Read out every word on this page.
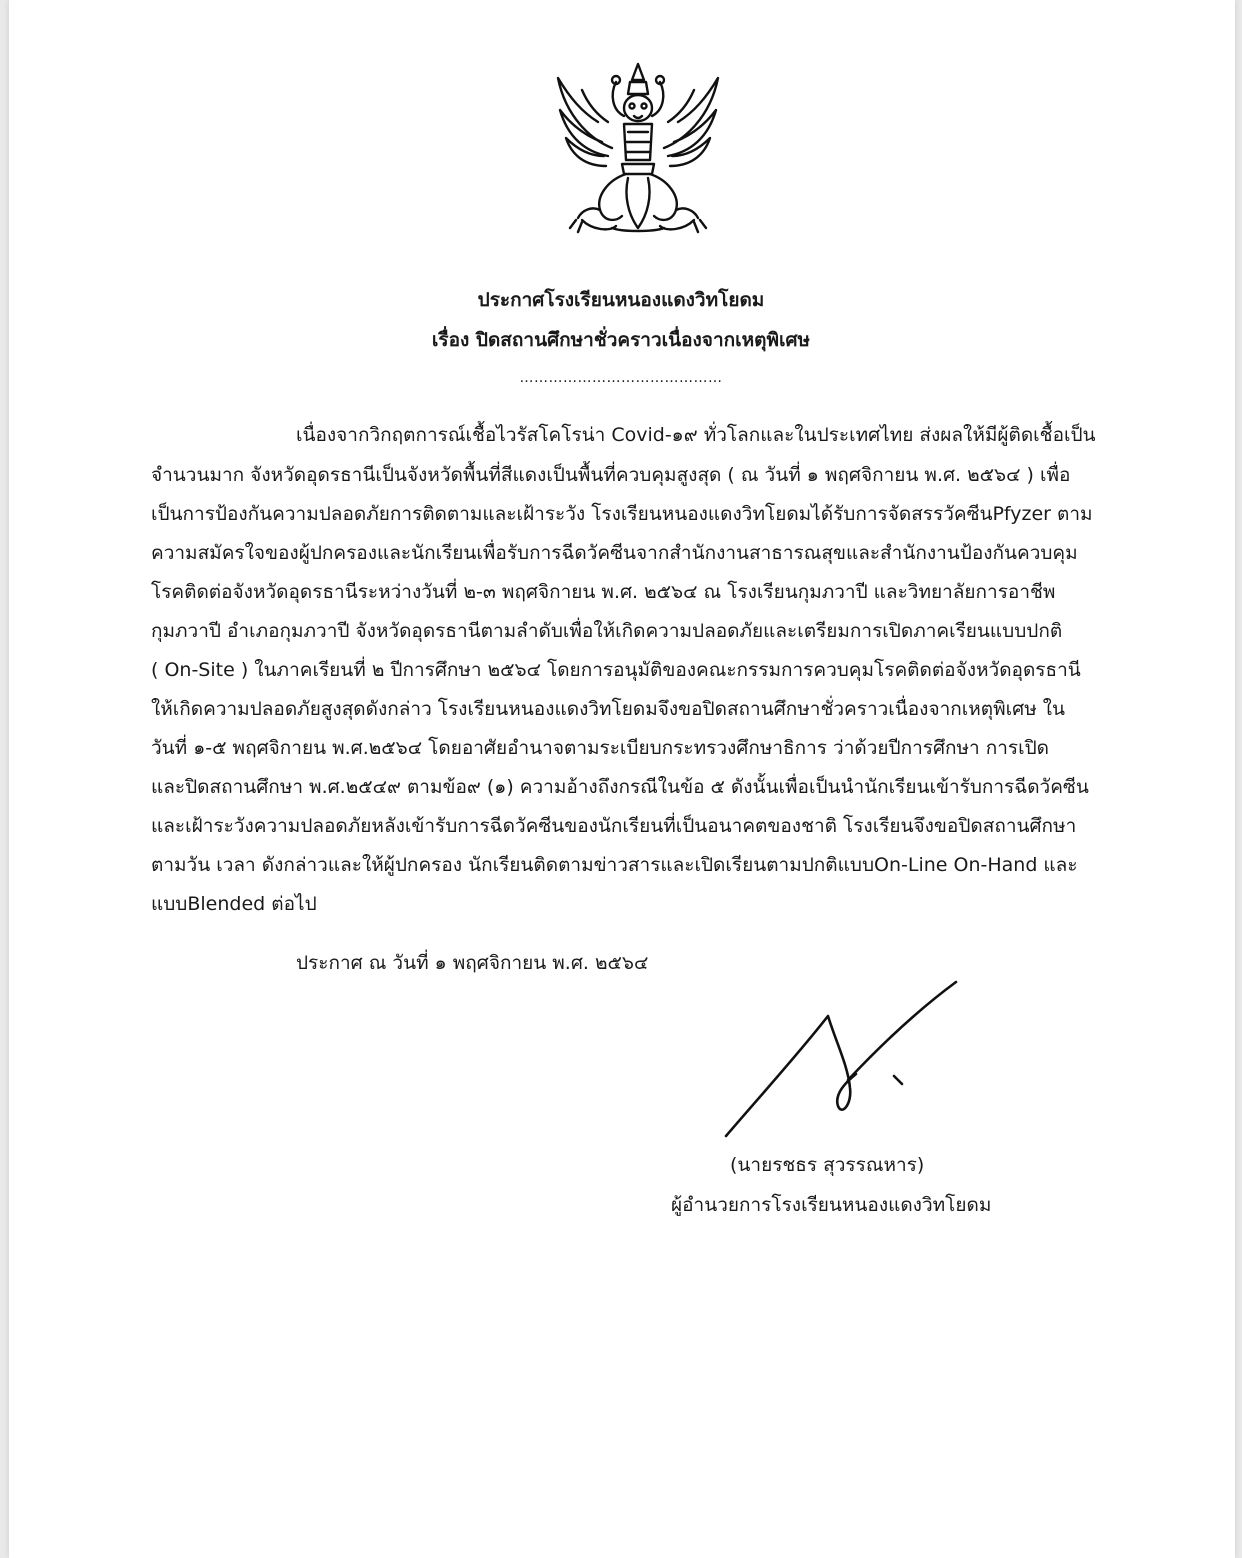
ประกาศโรงเรียนหนองแดงวิทโยดม
เรื่อง ปิดสถานศึกษาชั่วคราวเนื่องจากเหตุพิเศษ
……………………………………
เนื่องจากวิกฤตการณ์เชื้อไวรัสโคโรน่า Covid-๑๙ ทั่วโลกและในประเทศไทย ส่งผลให้มีผู้ติดเชื้อเป็น
จำนวนมาก จังหวัดอุดรธานีเป็นจังหวัดพื้นที่สีแดงเป็นพื้นที่ควบคุมสูงสุด ( ณ วันที่ ๑ พฤศจิกายน พ.ศ. ๒๕๖๔ ) เพื่อ
เป็นการป้องกันความปลอดภัยการติดตามและเฝ้าระวัง โรงเรียนหนองแดงวิทโยดมได้รับการจัดสรรวัคซีนPfyzer ตาม
ความสมัครใจของผู้ปกครองและนักเรียนเพื่อรับการฉีดวัคซีนจากสำนักงานสาธารณสุขและสำนักงานป้องกันควบคุม
โรคติดต่อจังหวัดอุดรธานีระหว่างวันที่ ๒-๓ พฤศจิกายน พ.ศ. ๒๕๖๔ ณ โรงเรียนกุมภวาปี และวิทยาลัยการอาชีพ
กุมภวาปี อำเภอกุมภวาปี จังหวัดอุดรธานีตามลำดับเพื่อให้เกิดความปลอดภัยและเตรียมการเปิดภาคเรียนแบบปกติ
( On-Site ) ในภาคเรียนที่ ๒ ปีการศึกษา ๒๕๖๔ โดยการอนุมัติของคณะกรรมการควบคุมโรคติดต่อจังหวัดอุดรธานี
ให้เกิดความปลอดภัยสูงสุดดังกล่าว โรงเรียนหนองแดงวิทโยดมจึงขอปิดสถานศึกษาชั่วคราวเนื่องจากเหตุพิเศษ ใน
วันที่ ๑-๕ พฤศจิกายน พ.ศ.๒๕๖๔ โดยอาศัยอำนาจตามระเบียบกระทรวงศึกษาธิการ ว่าด้วยปีการศึกษา การเปิด
และปิดสถานศึกษา พ.ศ.๒๕๔๙ ตามข้อ๙ (๑) ความอ้างถึงกรณีในข้อ ๕ ดังนั้นเพื่อเป็นนำนักเรียนเข้ารับการฉีดวัคซีน
และเฝ้าระวังความปลอดภัยหลังเข้ารับการฉีดวัคซีนของนักเรียนที่เป็นอนาคตของชาติ โรงเรียนจึงขอปิดสถานศึกษา
ตามวัน เวลา ดังกล่าวและให้ผู้ปกครอง นักเรียนติดตามข่าวสารและเปิดเรียนตามปกติแบบOn-Line On-Hand และ
แบบBlended ต่อไป
ประกาศ ณ วันที่ ๑ พฤศจิกายน พ.ศ. ๒๕๖๔
(นายรชธร สุวรรณหาร)
ผู้อำนวยการโรงเรียนหนองแดงวิทโยดม
